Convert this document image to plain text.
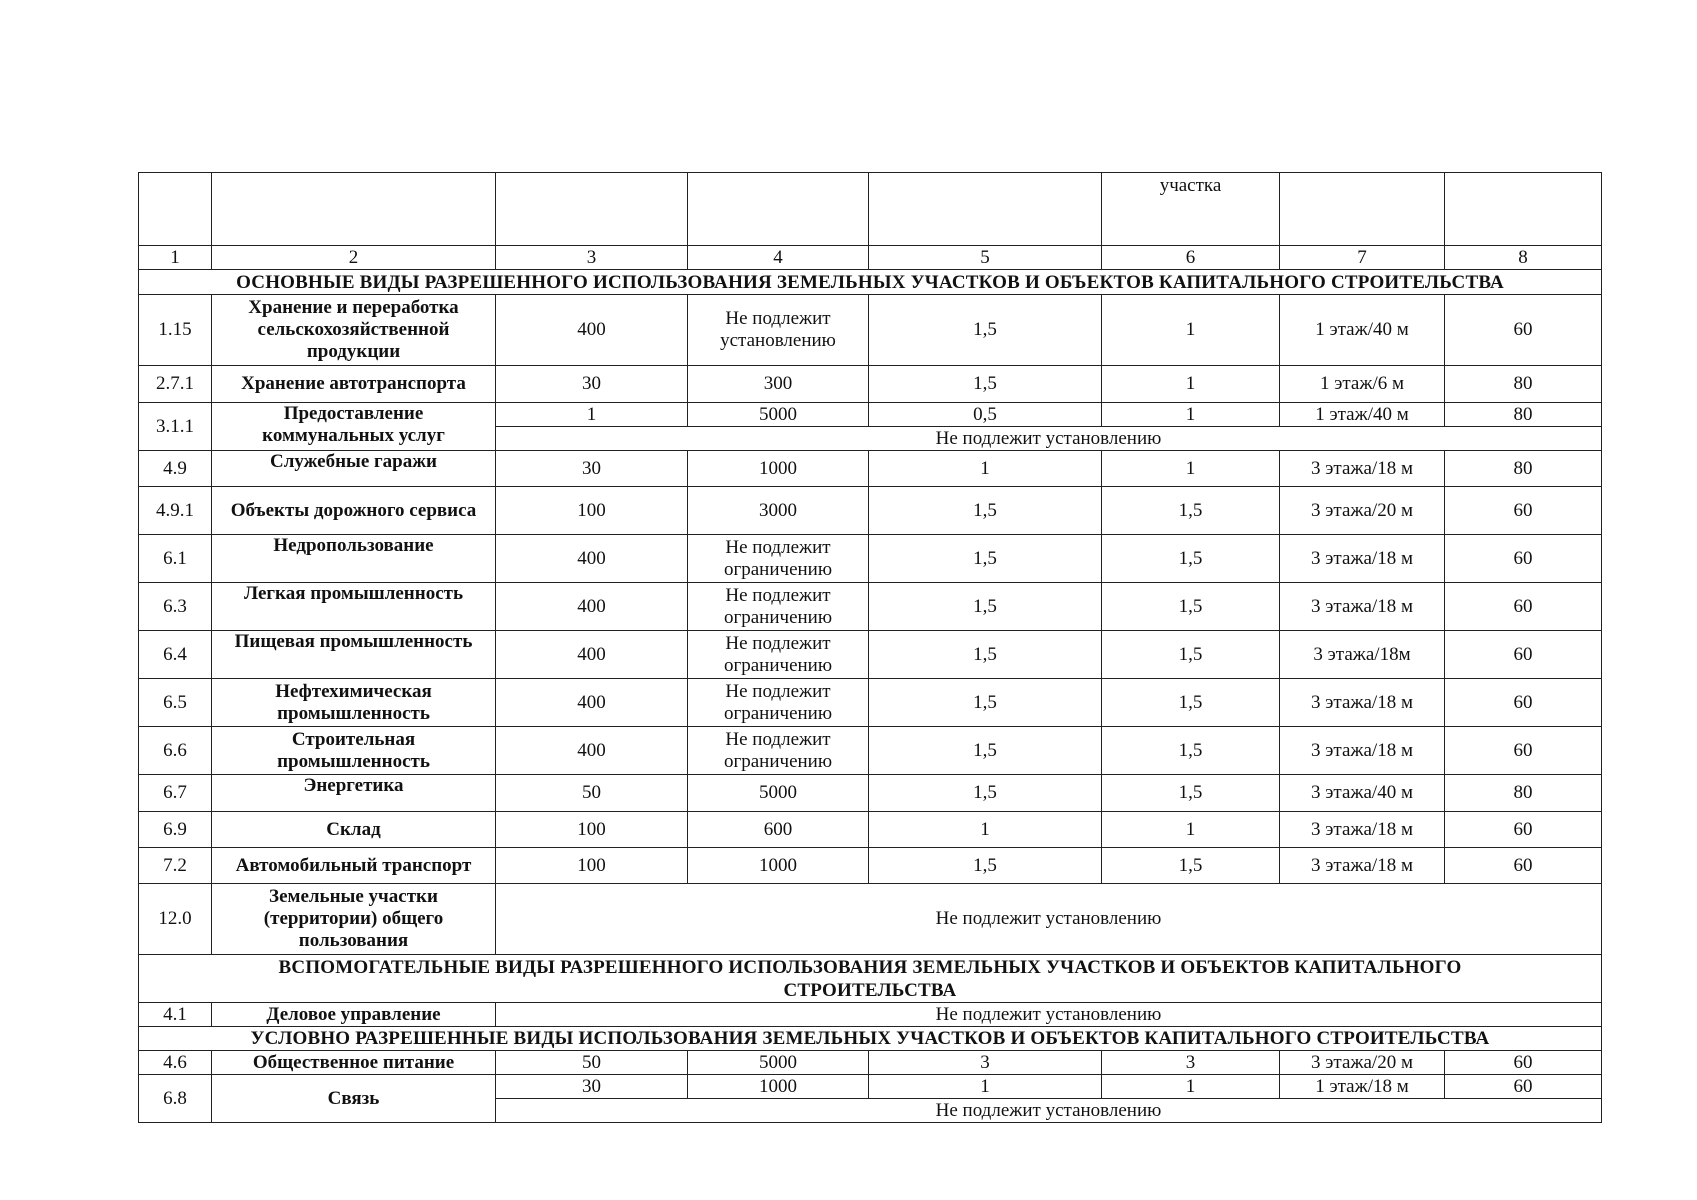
					участка		
1	2	3	4	5	6	7	8
ОСНОВНЫЕ ВИДЫ РАЗРЕШЕННОГО ИСПОЛЬЗОВАНИЯ ЗЕМЕЛЬНЫХ УЧАСТКОВ И ОБЪЕКТОВ КАПИТАЛЬНОГО СТРОИТЕЛЬСТВА							
1.15	Хранение и переработка сельскохозяйственной продукции	400	Не подлежит установлению	1,5	1	1 этаж/40 м	60
2.7.1	Хранение автотранспорта	30	300	1,5	1	1 этаж/6 м	80
3.1.1	Предоставление коммунальных услуг	1	5000	0,5	1	1 этаж/40 м	80
		Не подлежит установлению					
4.9	Служебные гаражи	30	1000	1	1	3 этажа/18 м	80
4.9.1	Объекты дорожного сервиса	100	3000	1,5	1,5	3 этажа/20 м	60
6.1	Недропользование	400	Не подлежит ограничению	1,5	1,5	3 этажа/18 м	60
6.3	Легкая промышленность	400	Не подлежит ограничению	1,5	1,5	3 этажа/18 м	60
6.4	Пищевая промышленность	400	Не подлежит ограничению	1,5	1,5	3 этажа/18м	60
6.5	Нефтехимическая промышленность	400	Не подлежит ограничению	1,5	1,5	3 этажа/18 м	60
6.6	Строительная промышленность	400	Не подлежит ограничению	1,5	1,5	3 этажа/18 м	60
6.7	Энергетика	50	5000	1,5	1,5	3 этажа/40 м	80
6.9	Склад	100	600	1	1	3 этажа/18 м	60
7.2	Автомобильный транспорт	100	1000	1,5	1,5	3 этажа/18 м	60
12.0	Земельные участки (территории) общего пользования	Не подлежит установлению					
ВСПОМОГАТЕЛЬНЫЕ ВИДЫ РАЗРЕШЕННОГО ИСПОЛЬЗОВАНИЯ ЗЕМЕЛЬНЫХ УЧАСТКОВ И ОБЪЕКТОВ КАПИТАЛЬНОГО
СТРОИТЕЛЬСТВА							
4.1	Деловое управление	Не подлежит установлению					
УСЛОВНО РАЗРЕШЕННЫЕ ВИДЫ ИСПОЛЬЗОВАНИЯ ЗЕМЕЛЬНЫХ УЧАСТКОВ И ОБЪЕКТОВ КАПИТАЛЬНОГО СТРОИТЕЛЬСТВА							
4.6	Общественное питание	50	5000	3	3	3 этажа/20 м	60
6.8	Связь	30	1000	1	1	1 этаж/18 м	60
		Не подлежит установлению					
